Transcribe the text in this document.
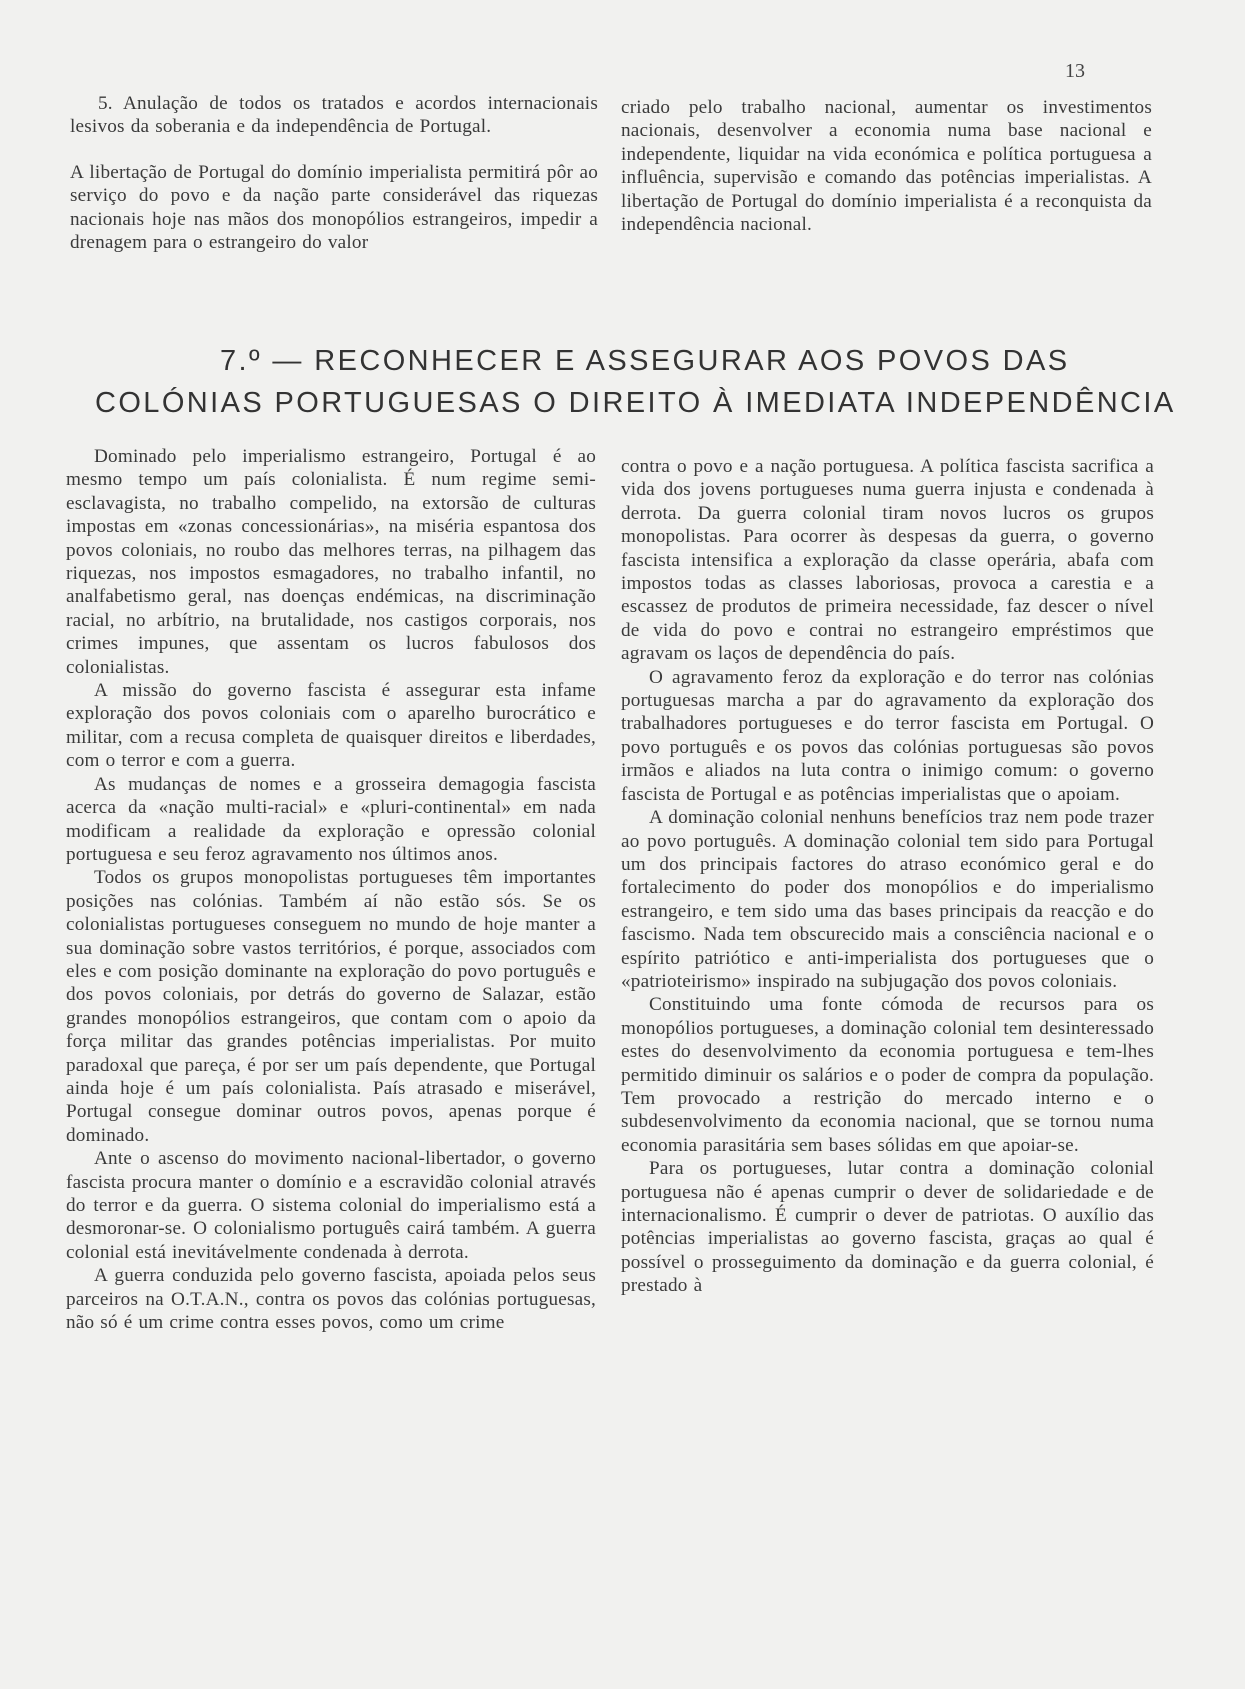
13

5. Anulação de todos os tratados e acordos internacionais lesivos da soberania e da independência de Portugal.

A libertação de Portugal do domínio imperialista permitirá pôr ao serviço do povo e da nação parte considerável das riquezas nacionais hoje nas mãos dos monopólios estrangeiros, impedir a drenagem para o estrangeiro do valor

criado pelo trabalho nacional, aumentar os investimentos nacionais, desenvolver a economia numa base nacional e independente, liquidar na vida económica e política portuguesa a influência, supervisão e comando das potências imperialistas. A libertação de Portugal do domínio imperialista é a reconquista da independência nacional.

7.º — RECONHECER E ASSEGURAR AOS POVOS DAS
COLÓNIAS PORTUGUESAS O DIREITO À IMEDIATA INDEPENDÊNCIA

Dominado pelo imperialismo estrangeiro, Portugal é ao mesmo tempo um país colonialista. É num regime semi-esclavagista, no trabalho compelido, na extorsão de culturas impostas em «zonas concessionárias», na miséria espantosa dos povos coloniais, no roubo das melhores terras, na pilhagem das riquezas, nos impostos esmagadores, no trabalho infantil, no analfabetismo geral, nas doenças endémicas, na discriminação racial, no arbítrio, na brutalidade, nos castigos corporais, nos crimes impunes, que assentam os lucros fabulosos dos colonialistas.

A missão do governo fascista é assegurar esta infame exploração dos povos coloniais com o aparelho burocrático e militar, com a recusa completa de quaisquer direitos e liberdades, com o terror e com a guerra.

As mudanças de nomes e a grosseira demagogia fascista acerca da «nação multi-racial» e «pluri-continental» em nada modificam a realidade da exploração e opressão colonial portuguesa e seu feroz agravamento nos últimos anos.

Todos os grupos monopolistas portugueses têm importantes posições nas colónias. Também aí não estão sós. Se os colonialistas portugueses conseguem no mundo de hoje manter a sua dominação sobre vastos territórios, é porque, associados com eles e com posição dominante na exploração do povo português e dos povos coloniais, por detrás do governo de Salazar, estão grandes monopólios estrangeiros, que contam com o apoio da força militar das grandes potências imperialistas. Por muito paradoxal que pareça, é por ser um país dependente, que Portugal ainda hoje é um país colonialista. País atrasado e miserável, Portugal consegue dominar outros povos, apenas porque é dominado.

Ante o ascenso do movimento nacional-libertador, o governo fascista procura manter o domínio e a escravidão colonial através do terror e da guerra. O sistema colonial do imperialismo está a desmoronar-se. O colonialismo português cairá também. A guerra colonial está inevitávelmente condenada à derrota.

A guerra conduzida pelo governo fascista, apoiada pelos seus parceiros na O.T.A.N., contra os povos das colónias portuguesas, não só é um crime contra esses povos, como um crime

contra o povo e a nação portuguesa. A política fascista sacrifica a vida dos jovens portugueses numa guerra injusta e condenada à derrota. Da guerra colonial tiram novos lucros os grupos monopolistas. Para ocorrer às despesas da guerra, o governo fascista intensifica a exploração da classe operária, abafa com impostos todas as classes laboriosas, provoca a carestia e a escassez de produtos de primeira necessidade, faz descer o nível de vida do povo e contrai no estrangeiro empréstimos que agravam os laços de dependência do país.

O agravamento feroz da exploração e do terror nas colónias portuguesas marcha a par do agravamento da exploração dos trabalhadores portugueses e do terror fascista em Portugal. O povo português e os povos das colónias portuguesas são povos irmãos e aliados na luta contra o inimigo comum: o governo fascista de Portugal e as potências imperialistas que o apoiam.

A dominação colonial nenhuns benefícios traz nem pode trazer ao povo português. A dominação colonial tem sido para Portugal um dos principais factores do atraso económico geral e do fortalecimento do poder dos monopólios e do imperialismo estrangeiro, e tem sido uma das bases principais da reacção e do fascismo. Nada tem obscurecido mais a consciência nacional e o espírito patriótico e anti-imperialista dos portugueses que o «patrioteirismo» inspirado na subjugação dos povos coloniais.

Constituindo uma fonte cómoda de recursos para os monopólios portugueses, a dominação colonial tem desinteressado estes do desenvolvimento da economia portuguesa e tem-lhes permitido diminuir os salários e o poder de compra da população. Tem provocado a restrição do mercado interno e o subdesenvolvimento da economia nacional, que se tornou numa economia parasitária sem bases sólidas em que apoiar-se.

Para os portugueses, lutar contra a dominação colonial portuguesa não é apenas cumprir o dever de solidariedade e de internacionalismo. É cumprir o dever de patriotas. O auxílio das potências imperialistas ao governo fascista, graças ao qual é possível o prosseguimento da dominação e da guerra colonial, é prestado à
